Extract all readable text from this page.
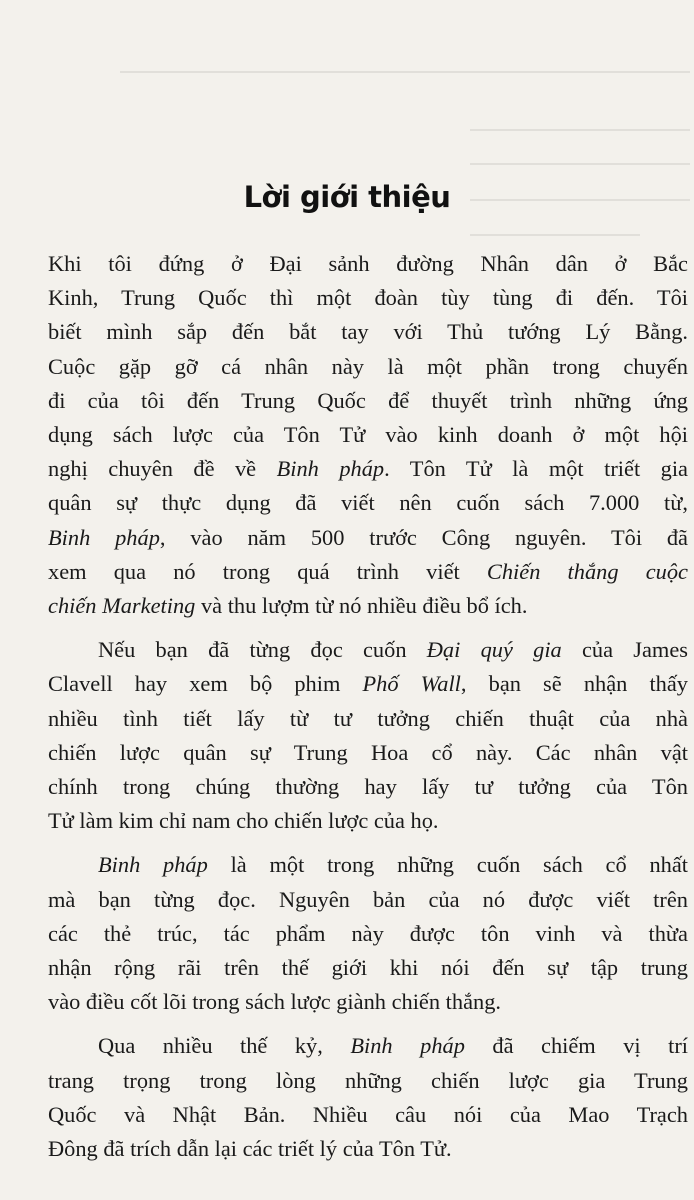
Lời giới thiệu
Khi tôi đứng ở Đại sảnh đường Nhân dân ở Bắc
Kinh, Trung Quốc thì một đoàn tùy tùng đi đến. Tôi
biết mình sắp đến bắt tay với Thủ tướng Lý Bằng.
Cuộc gặp gỡ cá nhân này là một phần trong chuyến
đi của tôi đến Trung Quốc để thuyết trình những ứng
dụng sách lược của Tôn Tử vào kinh doanh ở một hội
nghị chuyên đề về Binh pháp. Tôn Tử là một triết gia
quân sự thực dụng đã viết nên cuốn sách 7.000 từ,
Binh pháp, vào năm 500 trước Công nguyên. Tôi đã
xem qua nó trong quá trình viết Chiến thắng cuộc
chiến Marketing và thu lượm từ nó nhiều điều bổ ích.
Nếu bạn đã từng đọc cuốn Đại quý gia của James
Clavell hay xem bộ phim Phố Wall, bạn sẽ nhận thấy
nhiều tình tiết lấy từ tư tưởng chiến thuật của nhà
chiến lược quân sự Trung Hoa cổ này. Các nhân vật
chính trong chúng thường hay lấy tư tưởng của Tôn
Tử làm kim chỉ nam cho chiến lược của họ.
Binh pháp là một trong những cuốn sách cổ nhất
mà bạn từng đọc. Nguyên bản của nó được viết trên
các thẻ trúc, tác phẩm này được tôn vinh và thừa
nhận rộng rãi trên thế giới khi nói đến sự tập trung
vào điều cốt lõi trong sách lược giành chiến thắng.
Qua nhiều thế kỷ, Binh pháp đã chiếm vị trí
trang trọng trong lòng những chiến lược gia Trung
Quốc và Nhật Bản. Nhiều câu nói của Mao Trạch
Đông đã trích dẫn lại các triết lý của Tôn Tử.
